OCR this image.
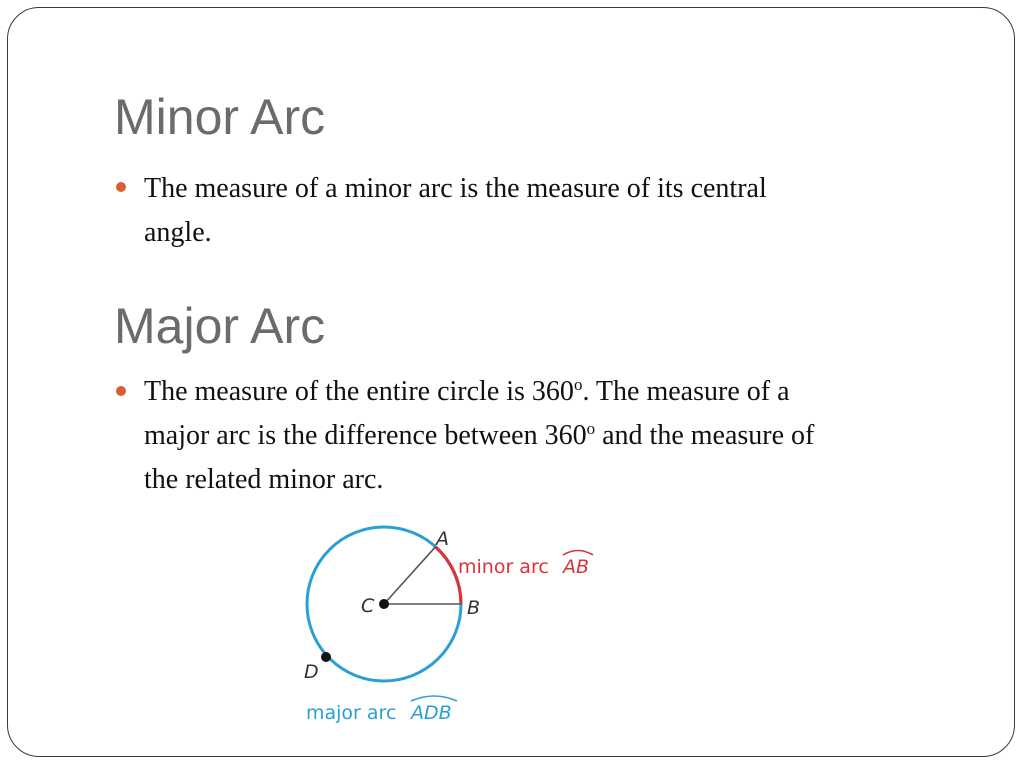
Minor Arc

The measure of a minor arc is the measure of its central
angle.

Major Arc

The measure of the entire circle is 360$^o$. The measure of a
major arc is the difference between 360$^o$ and the measure of
the related minor arc.

A
B
C
D
minor arc AB
major arc ADB
